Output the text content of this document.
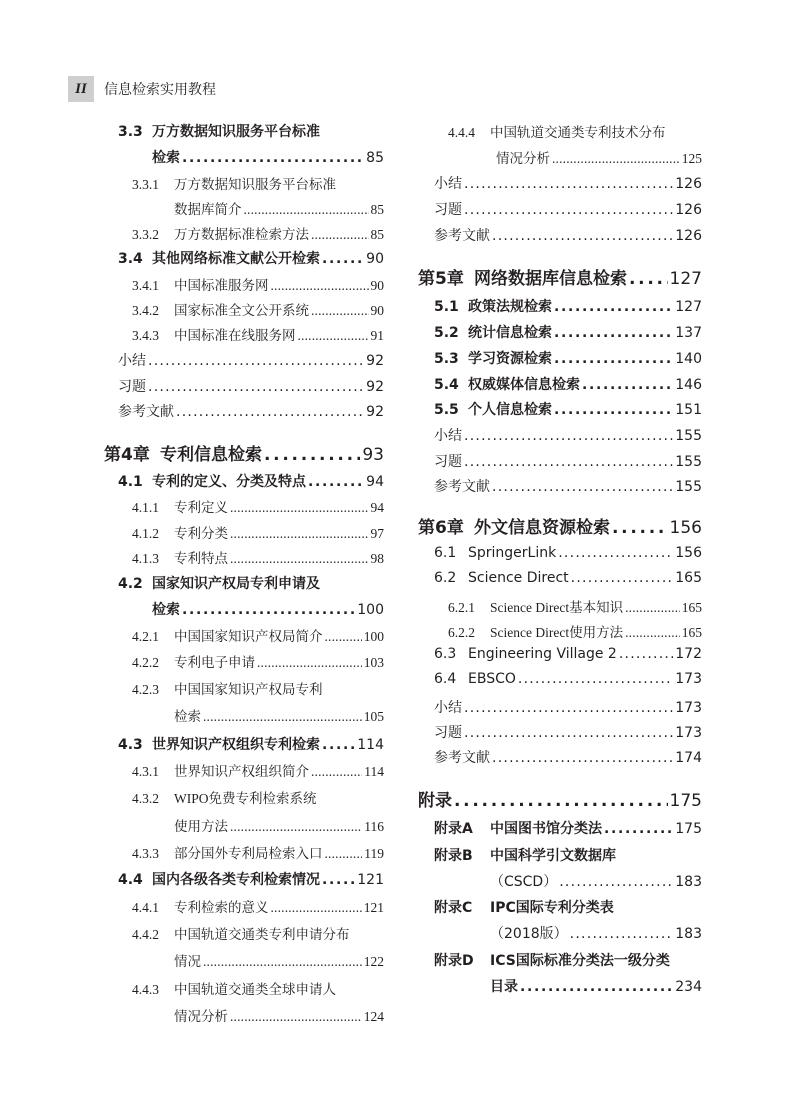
II	信息检索实用教程
3.3 万方数据知识服务平台标准
检索 . . .	85
3.3.1	万方数据知识服务平台标准
数据库简介 . . .	85
3.3.2	万方数据标准检索方法 . . .	85
3.4 其他网络标准文献公开检索 . . .	90
3.4.1	中国标准服务网 . . .	90
3.4.2	国家标准全文公开系统 . . .	90
3.4.3	中国标准在线服务网 . . .	91
小结 . . .	92
习题 . . .	92
参考文献 . . .	92
第4章 专利信息检索 . . .	93
4.1 专利的定义、分类及特点 . . .	94
4.1.1	专利定义 . . .	94
4.1.2	专利分类 . . .	97
4.1.3	专利特点 . . .	98
4.2 国家知识产权局专利申请及
检索 . . .	100
4.2.1	中国国家知识产权局简介 . . .	100
4.2.2	专利电子申请 . . .	103
4.2.3	中国国家知识产权局专利
检索 . . .	105
4.3 世界知识产权组织专利检索 . . .	114
4.3.1	世界知识产权组织简介 . . .	114
4.3.2	WIPO免费专利检索系统
使用方法 . . .	116
4.3.3	部分国外专利局检索入口 . . .	119
4.4 国内各级各类专利检索情况 . . .	121
4.4.1	专利检索的意义 . . .	121
4.4.2	中国轨道交通类专利申请分布
情况 . . .	122
4.4.3	中国轨道交通类全球申请人
情况分析 . . .	124
4.4.4	中国轨道交通类专利技术分布
情况分析 . . .	125
小结 . . .	126
习题 . . .	126
参考文献 . . .	126
第5章 网络数据库信息检索 . . .	127
5.1 政策法规检索 . . .	127
5.2 统计信息检索 . . .	137
5.3 学习资源检索 . . .	140
5.4 权威媒体信息检索 . . .	146
5.5 个人信息检索 . . .	151
小结 . . .	155
习题 . . .	155
参考文献 . . .	155
第6章 外文信息资源检索 . . .	156
6.1 SpringerLink . . .	156
6.2 Science Direct . . .	165
6.2.1	Science Direct基本知识 . . .	165
6.2.2	Science Direct使用方法 . . .	165
6.3 Engineering Village 2 . . .	172
6.4 EBSCO . . .	173
小结 . . .	173
习题 . . .	173
参考文献 . . .	174
附录 . . .	175
附录A	中国图书馆分类法 . . .	175
附录B	中国科学引文数据库
（CSCD） . . .	183
附录C	IPC国际专利分类表
（2018版） . . .	183
附录D	ICS国际标准分类法一级分类
目录 . . .	234
